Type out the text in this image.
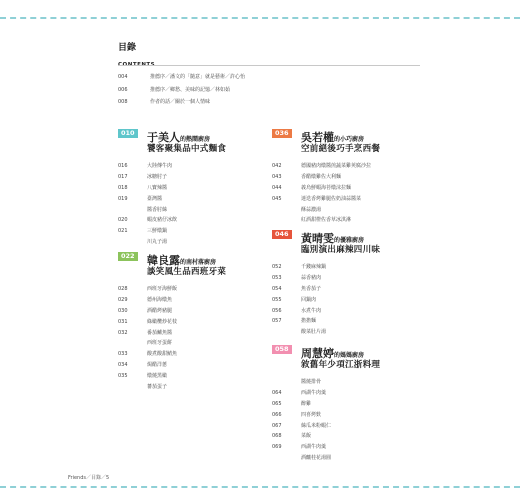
目錄
CONTENTS
004	推薦序／潘文的「隨意」就是藝術／許心怡
006	推薦序／鄉愁、美味的記憶／林如茹
008	作者的話／關於一個人情味
010 于美人的熱鬧廚房
饕客聚集品中式麵食
016	大陸傳牛肉
017	冰糖肘子
018	八寶辣醬
019	臺灣醬
醬香肘絲
020	蝦皮豬仔冰飲
021	三鮮燉鍋
川丸子湯
022 韓良露的南村落廚房
談笑風生品西班牙菜
028	西班牙海鮮飯
029	德州海燉魚
030	酒醋烤豬腿
031	綠橄欖炒花枝
032	番茄鱸魚醬
西班牙蛋餅
033	酸煮酸甜鯖魚
034	焗醋洋蔥
035	燉燒黑橄
蕃茄蛋子
036 吳若權的小巧廚房
空前絕後巧手烹西餐
042	德國豬肉燉醬煎蔬菜雞莢腐沙拉
043	香醋燉雞佐大利麵
044	義烏鮮蝦海苔燉沫拉麵
045	迷迭香烤雞腿佐奶油蒜醬菜
酥蒜濃湯
紅酒甜橙佐香草冰淇淋
046 黃晴雯的優雅廚房
臨別演出麻辣四川味
052	千錢麻辣鍋
053	蒜香豬肉
054	魚香茄子
055	回鍋肉
056	水煮牛肉
057	擔擔麵
酸菜肚片湯
058 周慧婷的媽媽廚房
敘舊年少項江浙料理
醬燒排骨
064	西湖牛肉羹
065	醉雞
066	四喜烤麩
067	絲瓜米粉蝦仁
068	菜飯
069	西湖牛肉羹
酒釀桂花湯圓
Friends／目錄／5
